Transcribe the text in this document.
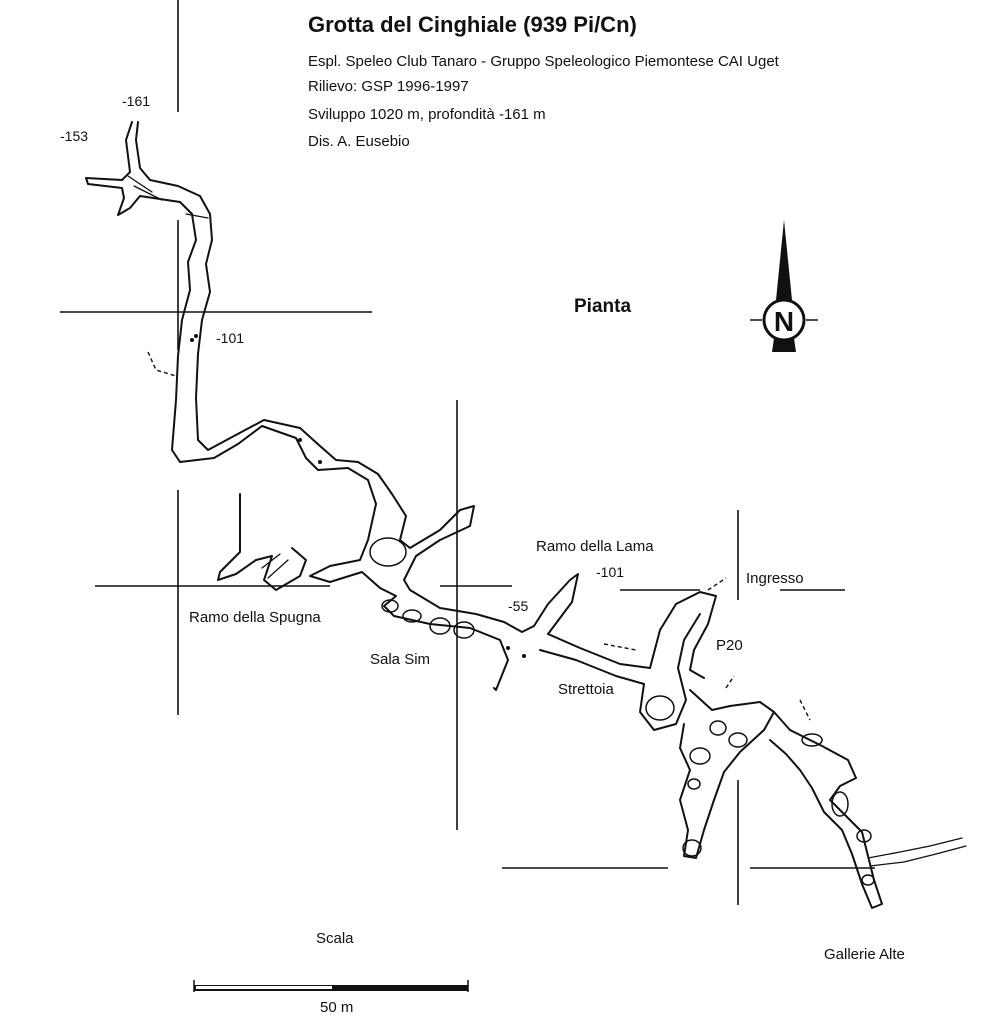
N
Grotta del Cinghiale (939 Pi/Cn)
Espl. Speleo Club Tanaro - Gruppo Speleologico Piemontese CAI Uget
Rilievo: GSP 1996-1997
Sviluppo 1020 m, profondità -161 m
Dis. A. Eusebio
Pianta
-161
-153
-101
-101
-55
Ramo della Spugna
Ramo della Lama
Sala Sim
Strettoia
Ingresso
P20
Gallerie Alte
Scala
50 m
